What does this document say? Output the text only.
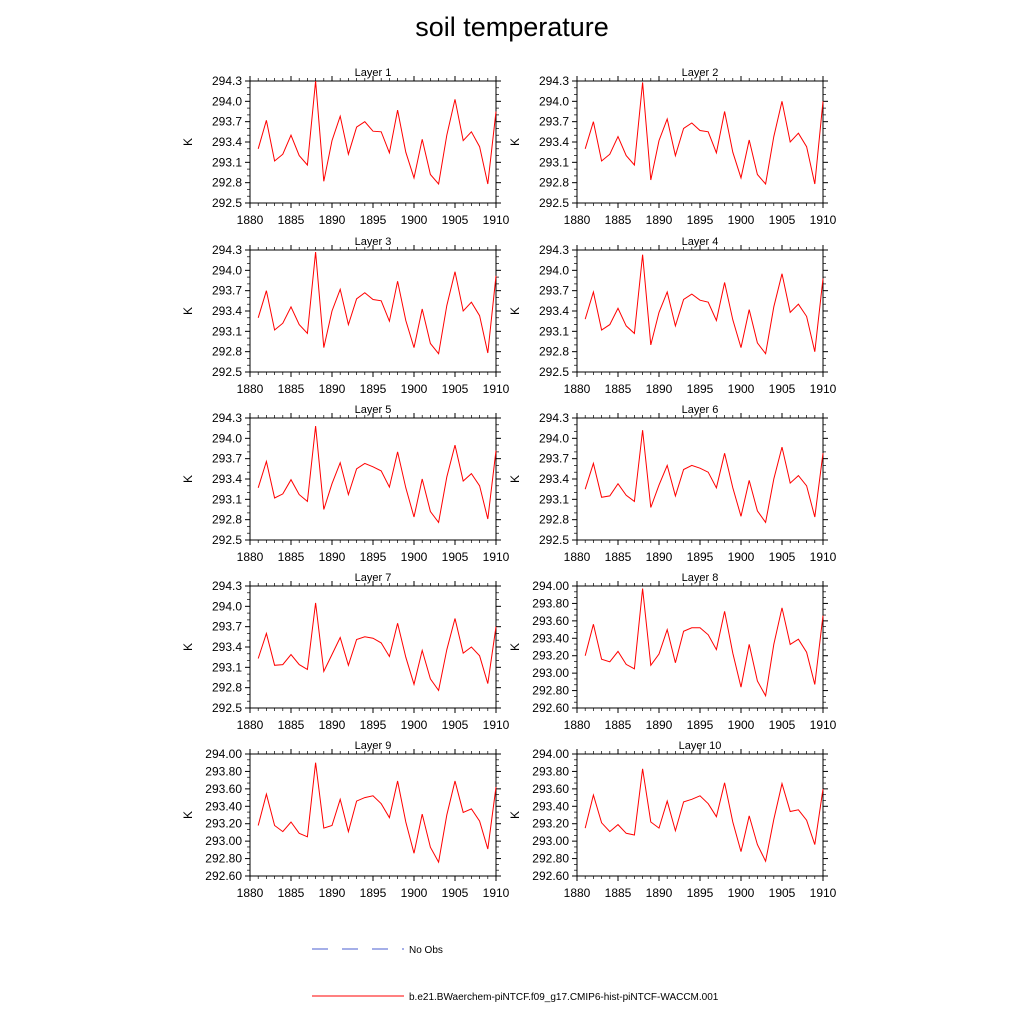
soil temperature
Layer 1
292.5
292.8
293.1
293.4
293.7
294.0
294.3
1880 1885 1890 1895 1900 1905 1910
K
Layer 2
292.5
292.8
293.1
293.4
293.7
294.0
294.3
1880 1885 1890 1895 1900 1905 1910
K
Layer 3
292.5
292.8
293.1
293.4
293.7
294.0
294.3
1880 1885 1890 1895 1900 1905 1910
K
Layer 4
292.5
292.8
293.1
293.4
293.7
294.0
294.3
1880 1885 1890 1895 1900 1905 1910
K
Layer 5
292.5
292.8
293.1
293.4
293.7
294.0
294.3
1880 1885 1890 1895 1900 1905 1910
K
Layer 6
292.5
292.8
293.1
293.4
293.7
294.0
294.3
1880 1885 1890 1895 1900 1905 1910
K
Layer 7
292.5
292.8
293.1
293.4
293.7
294.0
294.3
1880 1885 1890 1895 1900 1905 1910
K
Layer 8
292.60
292.80
293.00
293.20
293.40
293.60
293.80
294.00
1880 1885 1890 1895 1900 1905 1910
K
Layer 9
292.60
292.80
293.00
293.20
293.40
293.60
293.80
294.00
1880 1885 1890 1895 1900 1905 1910
K
Layer 10
292.60
292.80
293.00
293.20
293.40
293.60
293.80
294.00
1880 1885 1890 1895 1900 1905 1910
K
No Obs
b.e21.BWaerchem-piNTCF.f09_g17.CMIP6-hist-piNTCF-WACCM.001
